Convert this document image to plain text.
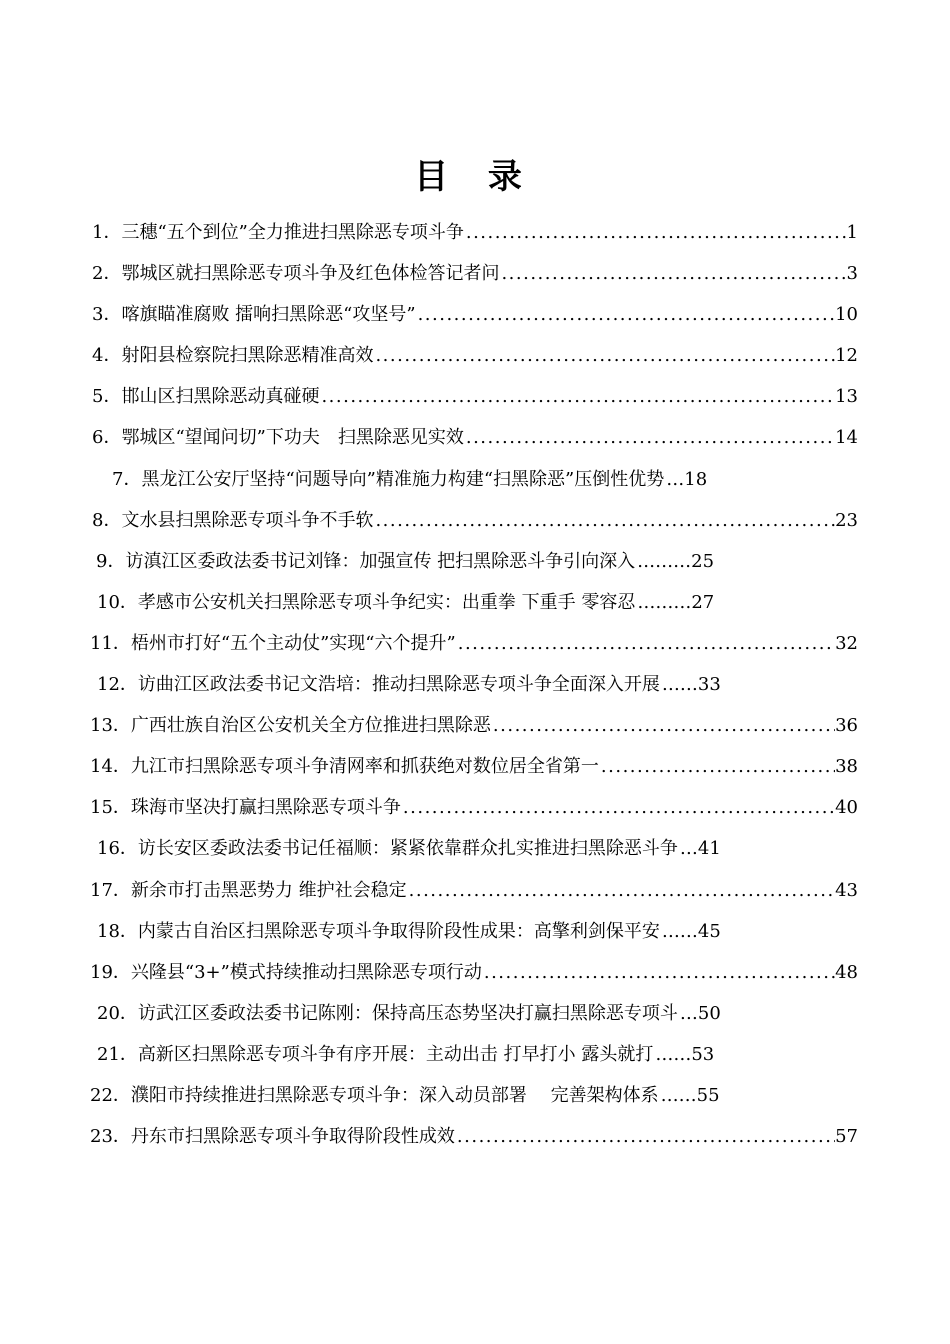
目 录
1． 三穗“五个到位”全力推进扫黑除恶专项斗争 .....	1
2． 鄂城区就扫黑除恶专项斗争及红色体检答记者问 .....	3
3． 喀旗瞄准腐败 擂响扫黑除恶“攻坚号” .....	10
4． 射阳县检察院扫黑除恶精准高效 .....	12
5． 邯山区扫黑除恶动真碰硬 .....	13
6． 鄂城区“望闻问切”下功夫　扫黑除恶见实效 .....	14
7． 黑龙江公安厅坚持“问题导向”精准施力构建“扫黑除恶”压倒性优势 … 18
8． 文水县扫黑除恶专项斗争不手软 .....	23
9． 访滇江区委政法委书记刘锋：加强宣传 把扫黑除恶斗争引向深入 ……… 25
10． 孝感市公安机关扫黑除恶专项斗争纪实：出重拳 下重手 零容忍 ……… 27
11． 梧州市打好“五个主动仗”实现“六个提升” .....	32
12． 访曲江区政法委书记文浩培：推动扫黑除恶专项斗争全面深入开展 …… 33
13． 广西壮族自治区公安机关全方位推进扫黑除恶 .....	36
14． 九江市扫黑除恶专项斗争清网率和抓获绝对数位居全省第一 .....	38
15． 珠海市坚决打赢扫黑除恶专项斗争 .....	40
16． 访长安区委政法委书记任福顺：紧紧依靠群众扎实推进扫黑除恶斗争 … 41
17． 新余市打击黑恶势力 维护社会稳定 .....	43
18． 内蒙古自治区扫黑除恶专项斗争取得阶段性成果：高擎利剑保平安 …… 45
19． 兴隆县“3+”模式持续推动扫黑除恶专项行动 .....	48
20． 访武江区委政法委书记陈刚：保持高压态势坚决打赢扫黑除恶专项斗 … 50
21． 高新区扫黑除恶专项斗争有序开展：主动出击 打早打小 露头就打 …… 53
22． 濮阳市持续推进扫黑除恶专项斗争：深入动员部署　 完善架构体系 …… 55
23． 丹东市扫黑除恶专项斗争取得阶段性成效 .....	57
